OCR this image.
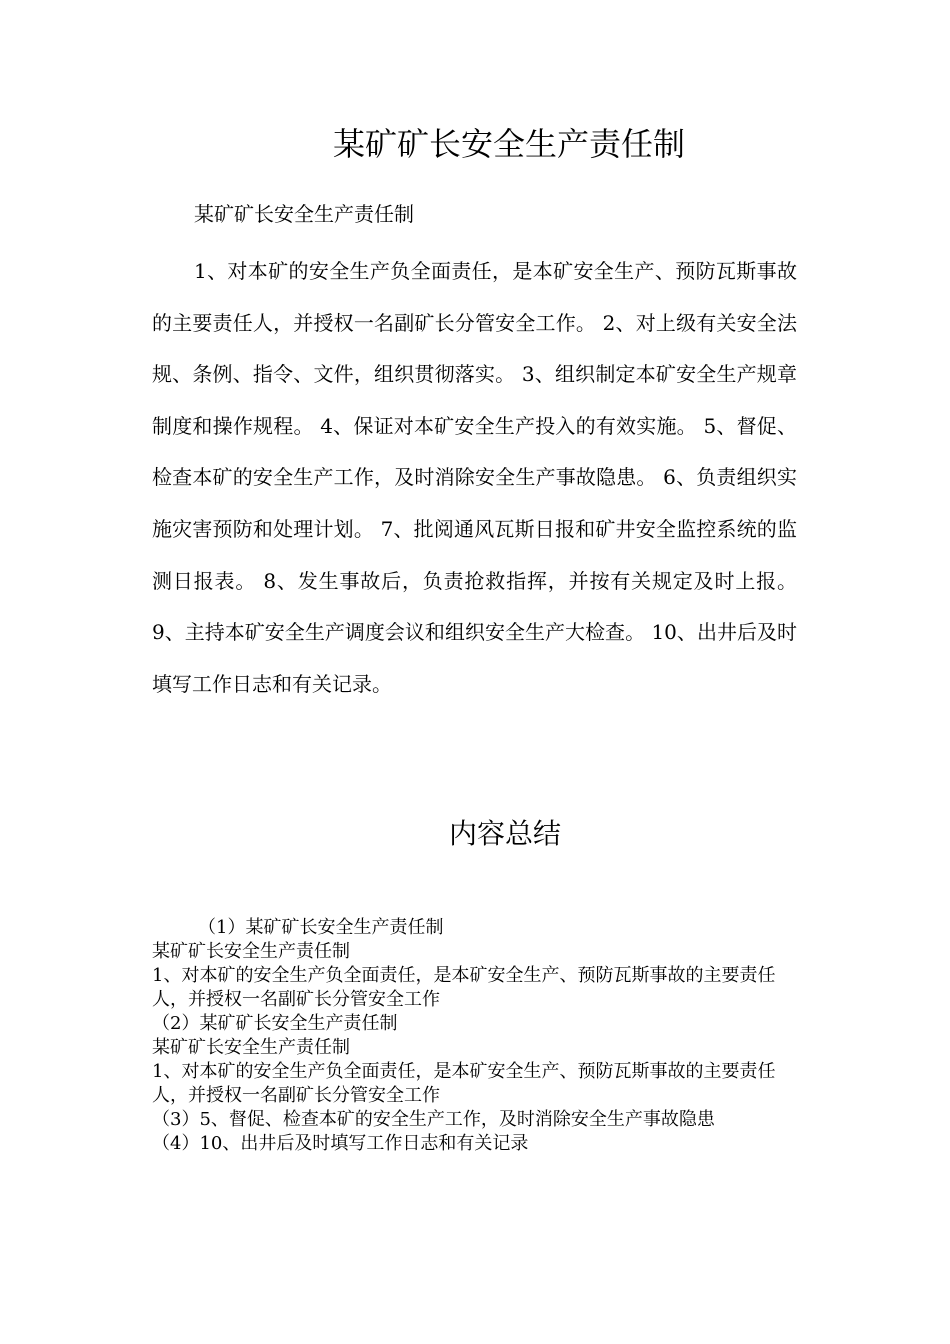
某矿矿长安全生产责任制

某矿矿长安全生产责任制

1、对本矿的安全生产负全面责任，是本矿安全生产、预防瓦斯事故的主要责任人，并授权一名副矿长分管安全工作。 2、对上级有关安全法规、条例、指令、文件，组织贯彻落实。 3、组织制定本矿安全生产规章制度和操作规程。 4、保证对本矿安全生产投入的有效实施。 5、督促、检查本矿的安全生产工作，及时消除安全生产事故隐患。 6、负责组织实施灾害预防和处理计划。 7、批阅通风瓦斯日报和矿井安全监控系统的监测日报表。 8、发生事故后，负责抢救指挥，并按有关规定及时上报。 9、主持本矿安全生产调度会议和组织安全生产大检查。 10、出井后及时填写工作日志和有关记录。

内容总结

（1）某矿矿长安全生产责任制

某矿矿长安全生产责任制

1、对本矿的安全生产负全面责任，是本矿安全生产、预防瓦斯事故的主要责任人，并授权一名副矿长分管安全工作

（2）某矿矿长安全生产责任制

某矿矿长安全生产责任制

1、对本矿的安全生产负全面责任，是本矿安全生产、预防瓦斯事故的主要责任人，并授权一名副矿长分管安全工作

（3）5、督促、检查本矿的安全生产工作，及时消除安全生产事故隐患

（4）10、出井后及时填写工作日志和有关记录
